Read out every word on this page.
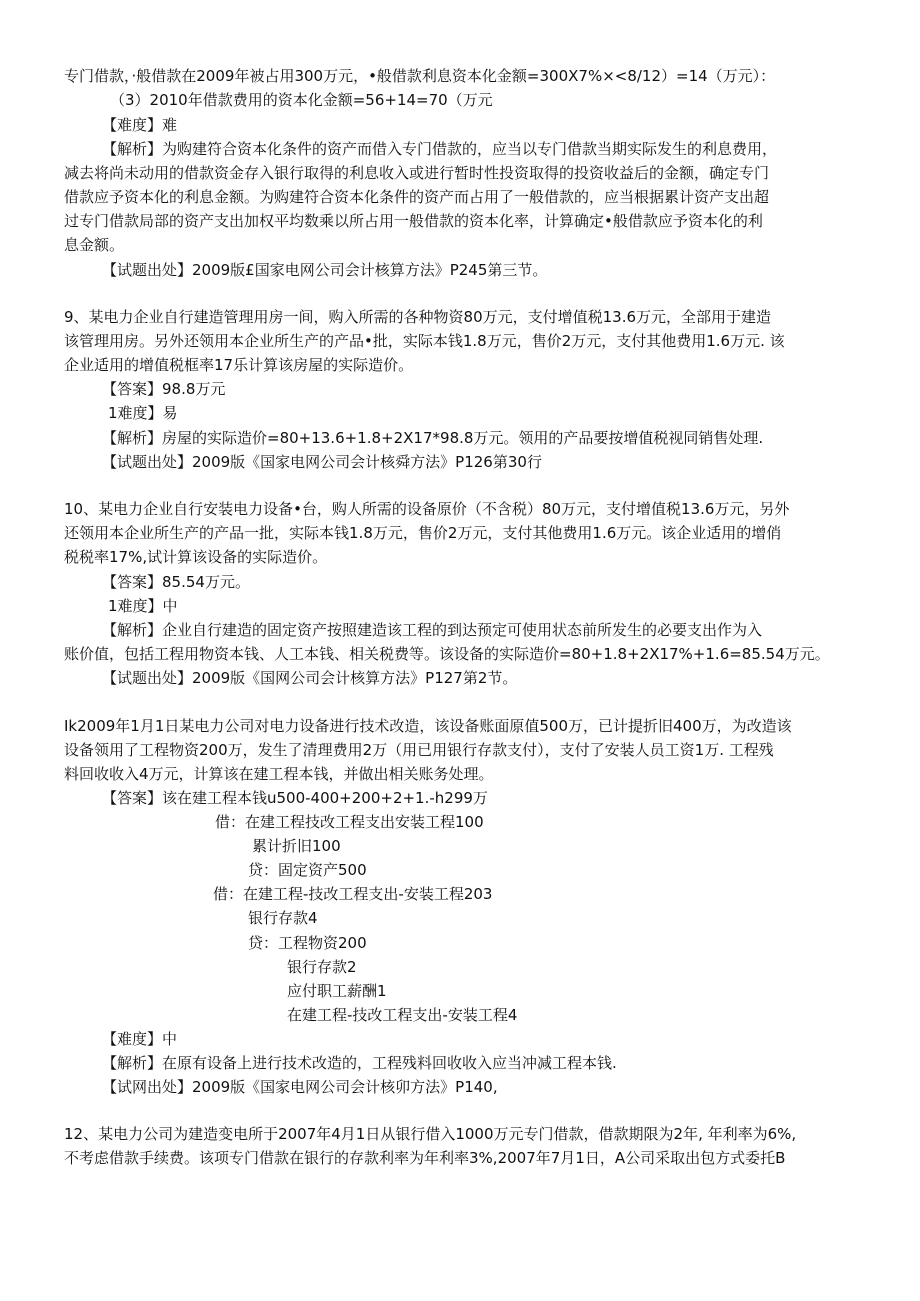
专门借款，·般借款在2009年被占用300万元，•般借款利息资本化金额=300X7%×<8/12）=14（万元）：
（3）2010年借款费用的资本化金额=56+14=70（万元
【难度】难
【解析】为购建符合资本化条件的资产而借入专门借款的，应当以专门借款当期实际发生的利息费用，
减去将尚未动用的借款资金存入银行取得的利息收入或进行暂时性投资取得的投资收益后的金额，确定专门
借款应予资本化的利息金额。为购建符合资本化条件的资产而占用了一般借款的，应当根据累计资产支出超
过专门借款局部的资产支出加权平均数乘以所占用一般借款的资本化率，计算确定•般借款应予资本化的利
息金额。
【试题出处】2009版£国家电网公司会计核算方法》P245第三节。
9、某电力企业自行建造管理用房一间，购入所需的各种物资80万元，支付增值税13.6万元，全部用于建造
该管理用房。另外还领用本企业所生产的产品•批，实际本钱1.8万元，售价2万元，支付其他费用1.6万元. 该
企业适用的增值税框率17乐计算该房屋的实际造价。
【答案】98.8万元
1难度】易
【解析】房屋的实际造价=80+13.6+1.8+2X17*98.8万元。领用的产品要按增值税视同销售处理.
【试题出处】2009版《国家电网公司会计核舜方法》P126第30行
10、某电力企业自行安装电力设备•台，购人所需的设备原价（不含税）80万元，支付增值税13.6万元，另外
还领用本企业所生产的产品一批，实际本钱1.8万元，售价2万元，支付其他费用1.6万元。该企业适用的增俏
税税率17%,试计算该设备的实际造价。
【答案】85.54万元。
1难度】中
【解析】企业自行建造的固定资产按照建造该工程的到达预定可使用状态前所发生的必要支出作为入
账价值，包括工程用物资本钱、人工本钱、相关税费等。该设备的实际造价=80+1.8+2X17%+1.6=85.54万元。
【试题出处】2009版《国网公司会计核算方法》P127第2节。
Ik2009年1月1日某电力公司对电力设备进行技术改造，该设备账面原值500万，已计提折旧400万，为改造该
设备领用了工程物资200万，发生了清理费用2万（用已用银行存款支付），支付了安装人员工资1万. 工程残
料回收收入4万元，计算该在建工程本钱，并做出相关账务处理。
【答案】该在建工程本钱u500-400+200+2+1.-h299万
借：在建工程技改工程支出安装工程100
累计折旧100
贷：固定资产500
借：在建工程-技改工程支出-安装工程203
银行存款4
贷：工程物资200
银行存款2
应付职工薪酬1
在建工程-技改工程支出-安装工程4
【难度】中
【解析】在原有设备上进行技术改造的，工程残料回收收入应当冲减工程本钱.
【试网出处】2009版《国家电网公司会计核卯方法》P140,
12、某电力公司为建造变电所于2007年4月1日从银行借入1000万元专门借款，借款期限为2年, 年利率为6%,
不考虑借款手续费。该项专门借款在银行的存款利率为年利率3%,2007年7月1日，A公司采取出包方式委托B
